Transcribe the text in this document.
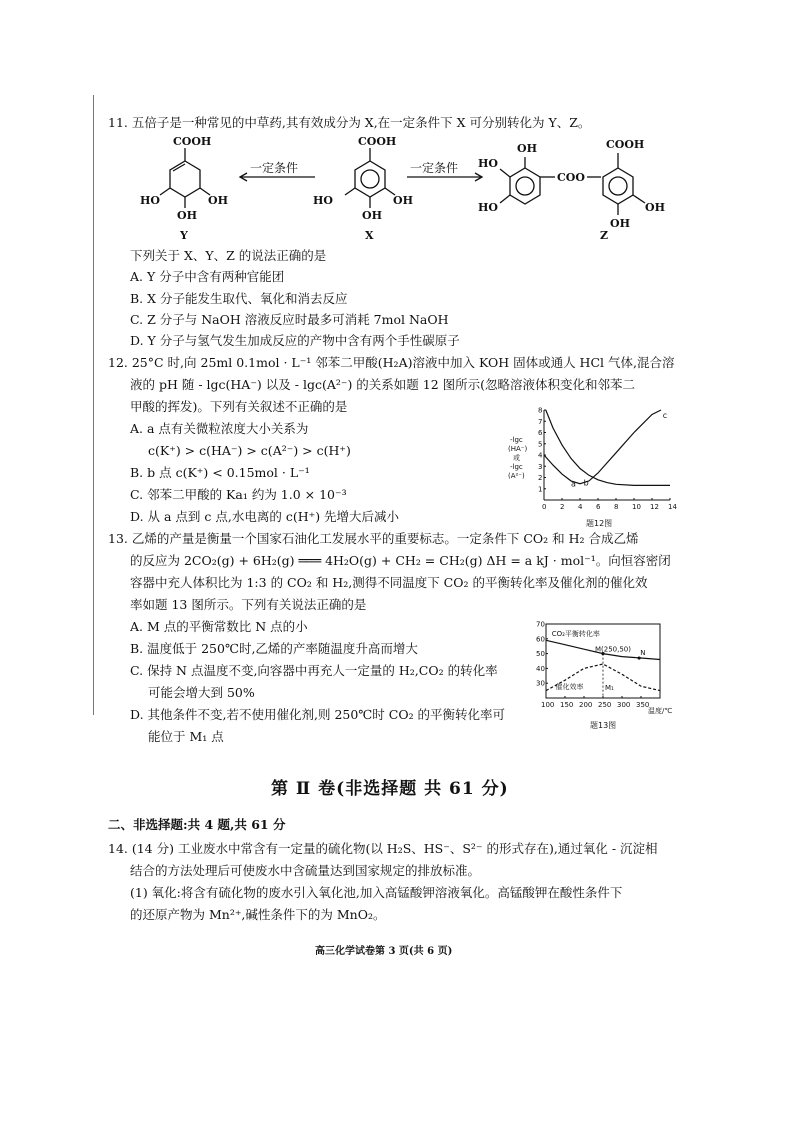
11. 五倍子是一种常见的中草药,其有效成分为 X,在一定条件下 X 可分别转化为 Y、Z。
COOH
HO	OH
OH
Y
COOH
HO	OH
OH
X
HO
OH
HO
COO
COOH
OH
OH
Z
一定条件	一定条件
下列关于 X、Y、Z 的说法正确的是
A. Y 分子中含有两种官能团
B. X 分子能发生取代、氧化和消去反应
C. Z 分子与 NaOH 溶液反应时最多可消耗 7mol NaOH
D. Y 分子与氢气发生加成反应的产物中含有两个手性碳原子
12. 25°C 时,向 25ml 0.1mol · L⁻¹ 邻苯二甲酸(H₂A)溶液中加入 KOH 固体或通人 HCl 气体,混合溶
液的 pH 随 - lgc(HA⁻) 以及 - lgc(A²⁻) 的关系如题 12 图所示(忽略溶液体积变化和邻苯二
甲酸的挥发)。下列有关叙述不正确的是
A. a 点有关微粒浓度大小关系为
c(K⁺) > c(HA⁻) > c(A²⁻) > c(H⁺)
B. b 点 c(K⁺) < 0.15mol · L⁻¹
C. 邻苯二甲酸的 Ka₁ 约为 1.0 × 10⁻³
D. 从 a 点到 c 点,水电离的 c(H⁺) 先增大后减小
0 2 4 6 8 10 12 14
1
2
3
4
5
6
7
8
a b
c
-lgc
(HA⁻)
或
-lgc
(A²⁻)
题12图
13. 乙烯的产量是衡量一个国家石油化工发展水平的重要标志。一定条件下 CO₂ 和 H₂ 合成乙烯
的反应为 2CO₂(g) + 6H₂(g) ═══ 4H₂O(g) + CH₂ = CH₂(g) ΔH = a kJ · mol⁻¹。向恒容密闭
容器中充人体积比为 1:3 的 CO₂ 和 H₂,测得不同温度下 CO₂ 的平衡转化率及催化剂的催化效
率如题 13 图所示。下列有关说法正确的是
A. M 点的平衡常数比 N 点的小
B. 温度低于 250℃时,乙烯的产率随温度升高而增大
C. 保持 N 点温度不变,向容器中再充人一定量的 H₂,CO₂ 的转化率
可能会增大到 50%
D. 其他条件不变,若不使用催化剂,则 250℃时 CO₂ 的平衡转化率可
能位于 M₁ 点
100 150 200 250 300 350
30
40
50
60
70
CO₂平衡转化率
催化效率
M(250,50) N
M₁
温度/℃
题13图
第 Ⅱ 卷(非选择题 共 61 分)
二、非选择题:共 4 题,共 61 分
14. (14 分) 工业废水中常含有一定量的硫化物(以 H₂S、HS⁻、S²⁻ 的形式存在),通过氧化 - 沉淀相
结合的方法处理后可使废水中含硫量达到国家规定的排放标准。
(1) 氧化:将含有硫化物的废水引入氧化池,加入高锰酸钾溶液氧化。高锰酸钾在酸性条件下
的还原产物为 Mn²⁺,碱性条件下的为 MnO₂。
高三化学试卷第 3 页(共 6 页)
